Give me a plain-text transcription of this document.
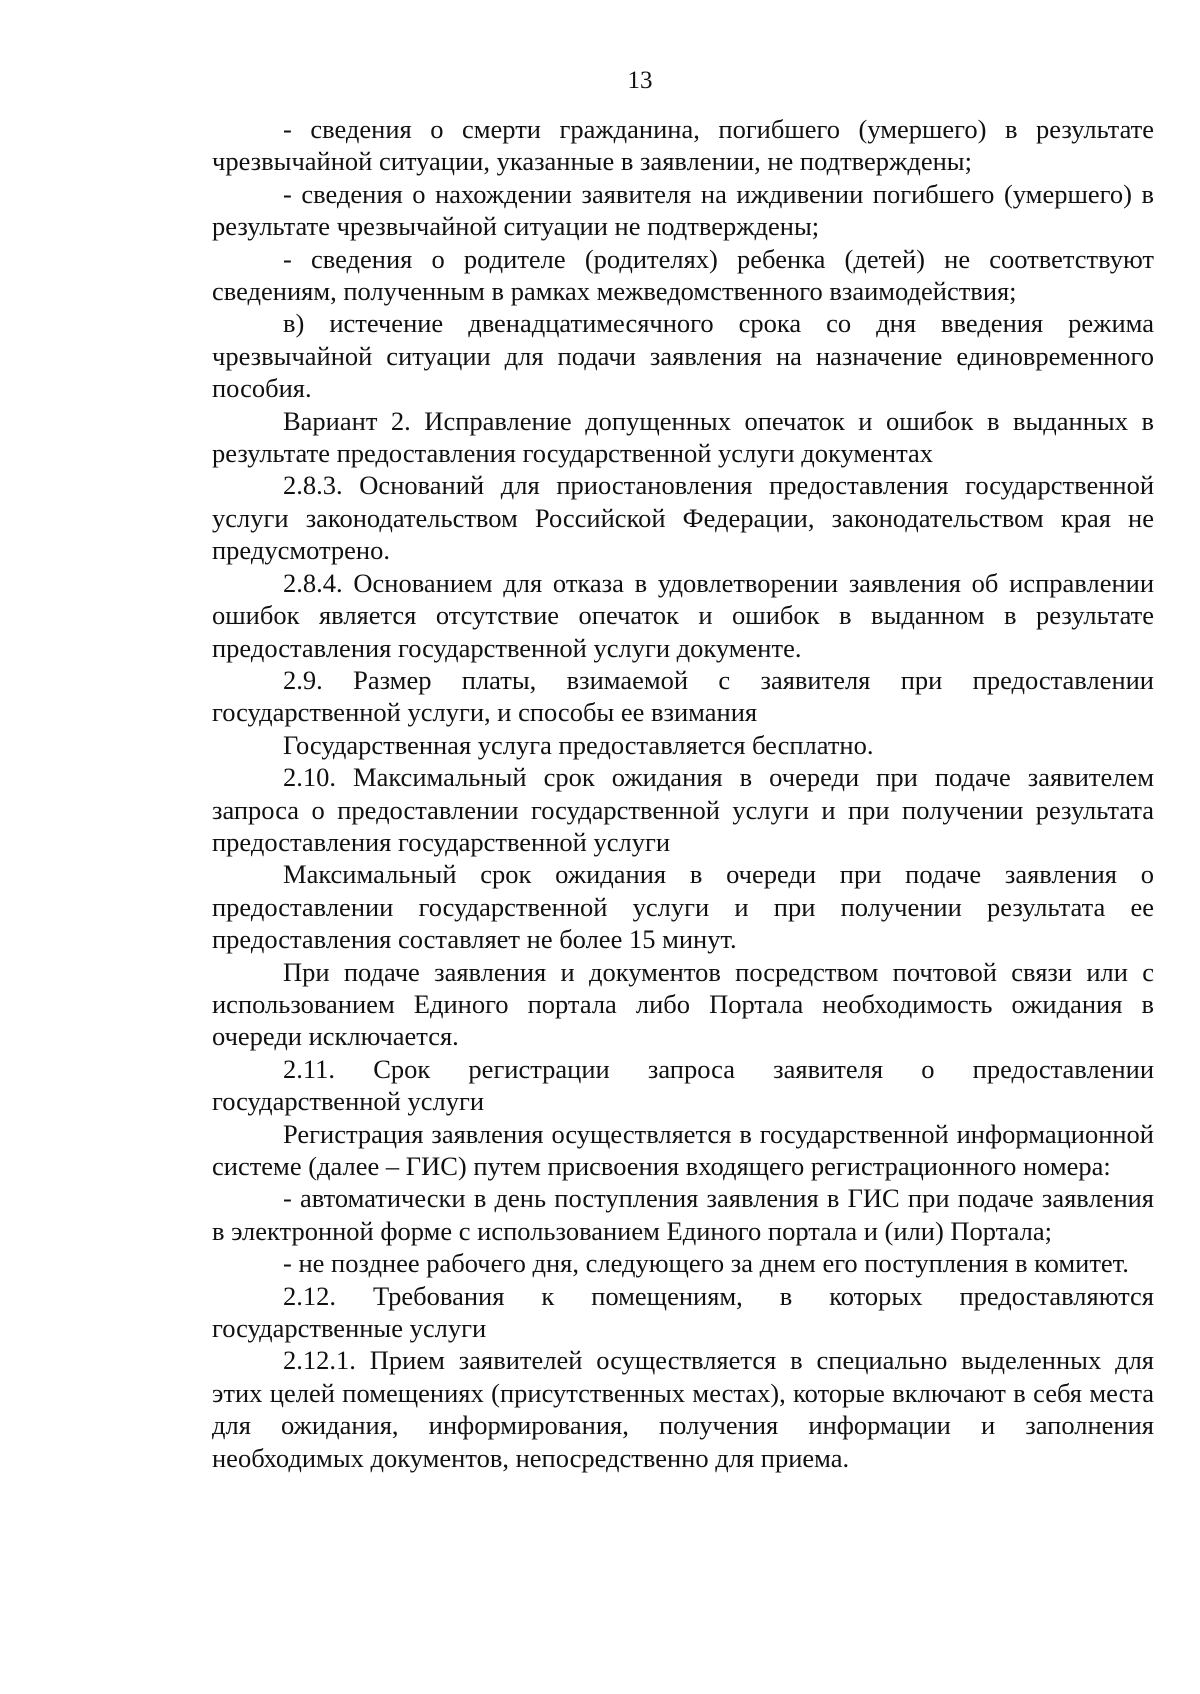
13

- сведения о смерти гражданина, погибшего (умершего) в результате чрезвычайной ситуации, указанные в заявлении, не подтверждены;

- сведения о нахождении заявителя на иждивении погибшего (умершего) в результате чрезвычайной ситуации не подтверждены;

- сведения о родителе (родителях) ребенка (детей) не соответствуют сведениям, полученным в рамках межведомственного взаимодействия;

в) истечение двенадцатимесячного срока со дня введения режима чрезвычайной ситуации для подачи заявления на назначение единовременного пособия.

Вариант 2. Исправление допущенных опечаток и ошибок в выданных в результате предоставления государственной услуги документах

2.8.3. Оснований для приостановления предоставления государственной услуги законодательством Российской Федерации, законодательством края не предусмотрено.

2.8.4. Основанием для отказа в удовлетворении заявления об исправлении ошибок является отсутствие опечаток и ошибок в выданном в результате предоставления государственной услуги документе.

2.9. Размер платы, взимаемой с заявителя при предоставлении государственной услуги, и способы ее взимания

Государственная услуга предоставляется бесплатно.

2.10. Максимальный срок ожидания в очереди при подаче заявителем запроса о предоставлении государственной услуги и при получении результата предоставления государственной услуги

Максимальный срок ожидания в очереди при подаче заявления о предоставлении государственной услуги и при получении результата ее предоставления составляет не более 15 минут.

При подаче заявления и документов посредством почтовой связи или с использованием Единого портала либо Портала необходимость ожидания в очереди исключается.

2.11. Срок регистрации запроса заявителя о предоставлении государственной услуги

Регистрация заявления осуществляется в государственной информационной системе (далее – ГИС) путем присвоения входящего регистрационного номера:

- автоматически в день поступления заявления в ГИС при подаче заявления в электронной форме с использованием Единого портала и (или) Портала;

- не позднее рабочего дня, следующего за днем его поступления в комитет.

2.12. Требования к помещениям, в которых предоставляются государственные услуги

2.12.1. Прием заявителей осуществляется в специально выделенных для этих целей помещениях (присутственных местах), которые включают в себя места для ожидания, информирования, получения информации и заполнения необходимых документов, непосредственно для приема.
